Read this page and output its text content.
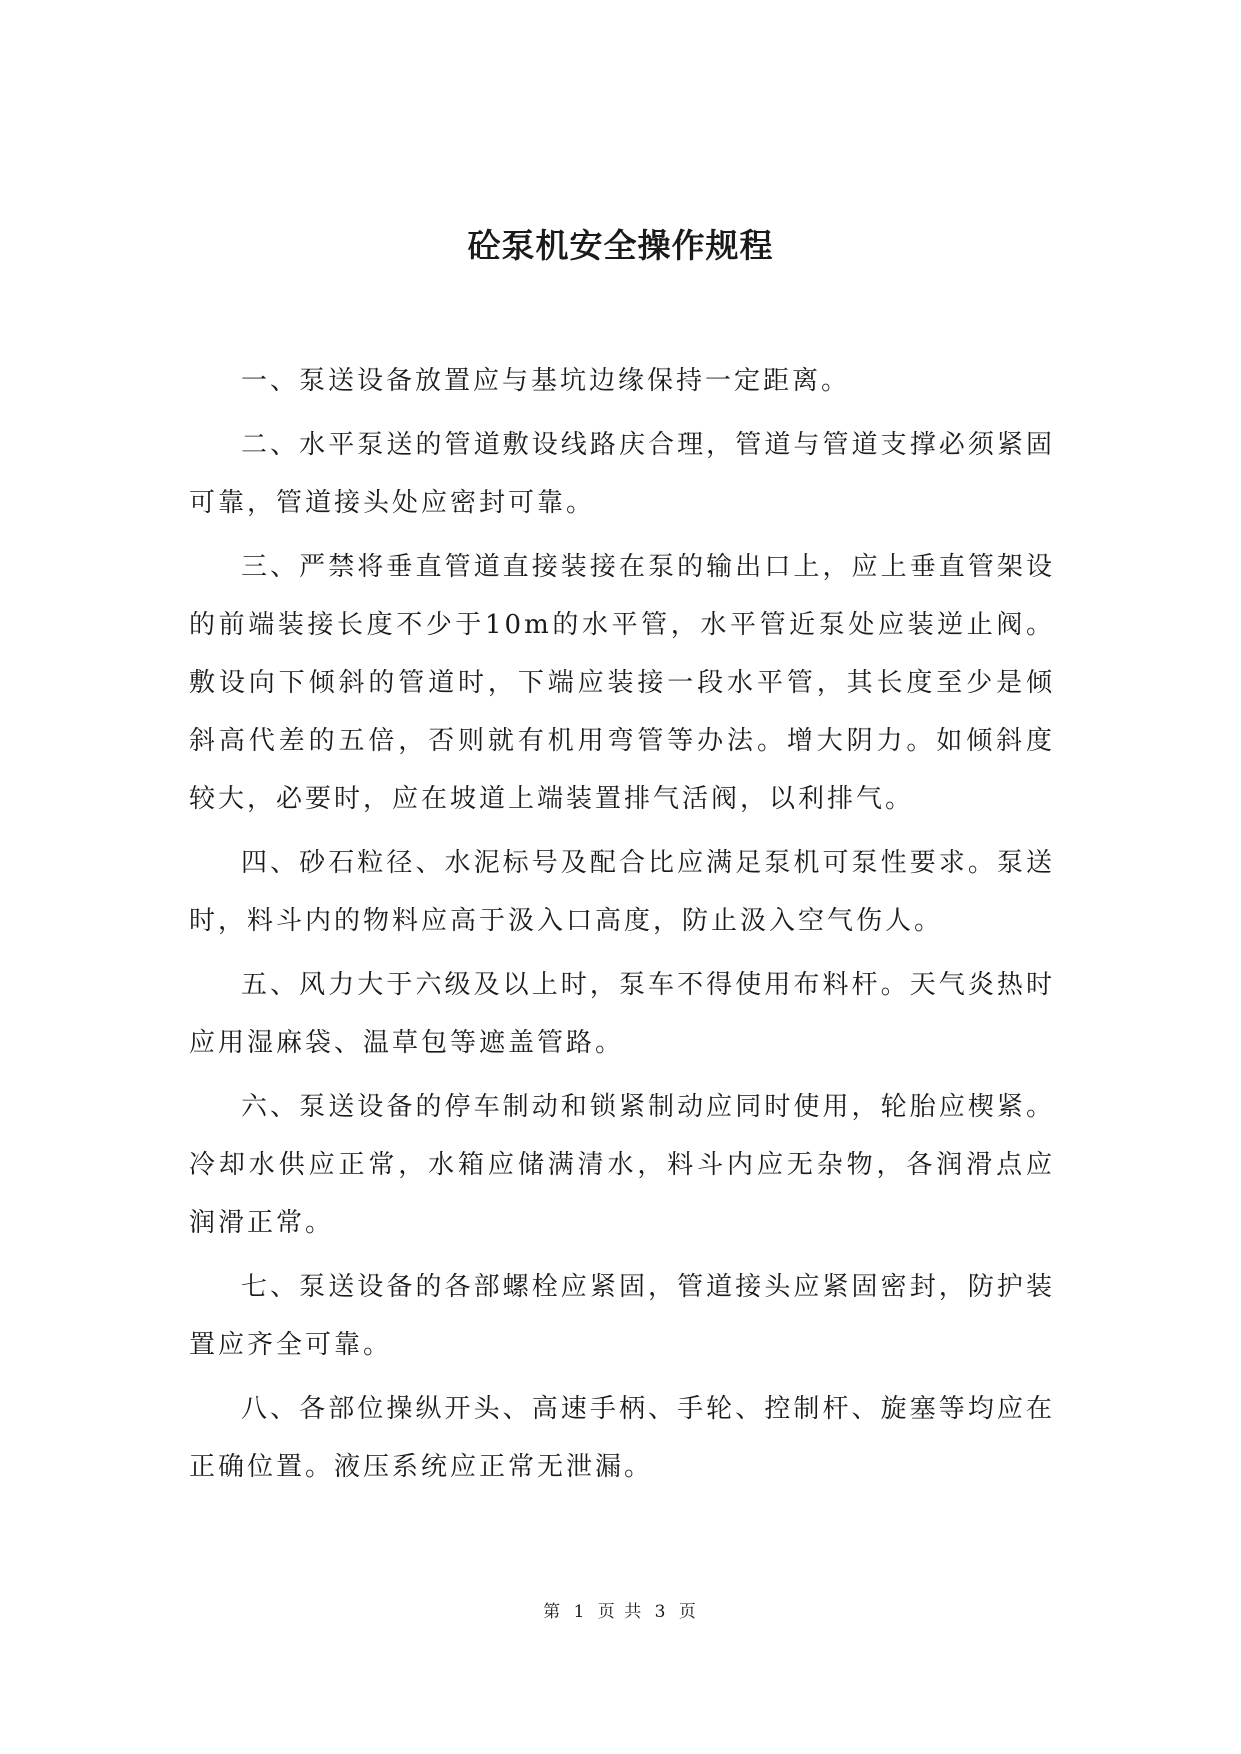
砼泵机安全操作规程

一、泵送设备放置应与基坑边缘保持一定距离。

二、水平泵送的管道敷设线路庆合理，管道与管道支撑必须紧固可靠，管道接头处应密封可靠。

三、严禁将垂直管道直接装接在泵的输出口上，应上垂直管架设的前端装接长度不少于10m的水平管，水平管近泵处应装逆止阀。敷设向下倾斜的管道时，下端应装接一段水平管，其长度至少是倾斜高代差的五倍，否则就有机用弯管等办法。增大阴力。如倾斜度较大，必要时，应在坡道上端装置排气活阀，以利排气。

四、砂石粒径、水泥标号及配合比应满足泵机可泵性要求。泵送时，料斗内的物料应高于汲入口高度，防止汲入空气伤人。

五、风力大于六级及以上时，泵车不得使用布料杆。天气炎热时应用湿麻袋、温草包等遮盖管路。

六、泵送设备的停车制动和锁紧制动应同时使用，轮胎应楔紧。冷却水供应正常，水箱应储满清水，料斗内应无杂物，各润滑点应润滑正常。

七、泵送设备的各部螺栓应紧固，管道接头应紧固密封，防护装置应齐全可靠。

八、各部位操纵开头、高速手柄、手轮、控制杆、旋塞等均应在正确位置。液压系统应正常无泄漏。

第 1 页 共 3 页
